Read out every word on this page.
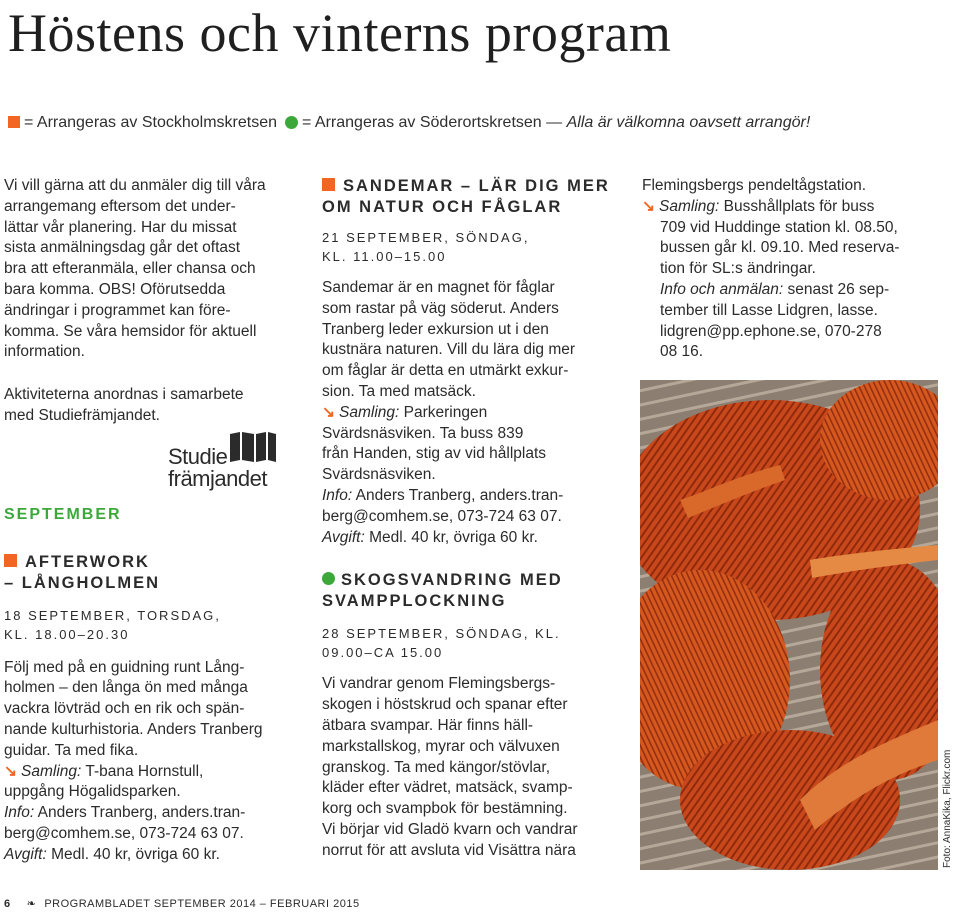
Höstens och vinterns program
= Arrangeras av Stockholmskretsen = Arrangeras av Söderortskretsen — Alla är välkomna oavsett arrangör!

Vi vill gärna att du anmäler dig till våra
arrangemang eftersom det under-
lättar vår planering. Har du missat
sista anmälningsdag går det oftast
bra att efteranmäla, eller chansa och
bara komma. OBS! Oförutsedda
ändringar i programmet kan före-
komma. Se våra hemsidor för aktuell
information.

Aktiviteterna anordnas i samarbete
med Studiefrämjandet.

SEPTEMBER

AFTERWORK
– LÅNGHOLMEN

18 SEPTEMBER, TORSDAG,
KL. 18.00–20.30

Följ med på en guidning runt Lång-
holmen – den långa ön med många
vackra lövträd och en rik och spän-
nande kulturhistoria. Anders Tranberg
guidar. Ta med fika.
↘ Samling: T-bana Hornstull,
uppgång Högalidsparken.
Info: Anders Tranberg, anders.tran-
berg@comhem.se, 073-724 63 07.
Avgift: Medl. 40 kr, övriga 60 kr.

Studie
främjandet

SANDEMAR – LÄR DIG MER
OM NATUR OCH FÅGLAR

21 SEPTEMBER, SÖNDAG,
KL. 11.00–15.00

Sandemar är en magnet för fåglar
som rastar på väg söderut. Anders
Tranberg leder exkursion ut i den
kustnära naturen. Vill du lära dig mer
om fåglar är detta en utmärkt exkur-
sion. Ta med matsäck.
↘ Samling: Parkeringen
Svärdsnäsviken. Ta buss 839
från Handen, stig av vid hållplats
Svärdsnäsviken.
Info: Anders Tranberg, anders.tran-
berg@comhem.se, 073-724 63 07.
Avgift: Medl. 40 kr, övriga 60 kr.

SKOGSVANDRING MED
SVAMPPLOCKNING

28 SEPTEMBER, SÖNDAG, KL.
09.00–CA 15.00

Vi vandrar genom Flemingsbergs-
skogen i höstskrud och spanar efter
ätbara svampar. Här finns häll-
markstallskog, myrar och välvuxen
granskog. Ta med kängor/stövlar,
kläder efter vädret, matsäck, svamp-
korg och svampbok för bestämning.
Vi börjar vid Gladö kvarn och vandrar
norrut för att avsluta vid Visättra nära

Flemingsbergs pendeltågstation.
↘ Samling: Busshållplats för buss
709 vid Huddinge station kl. 08.50,
bussen går kl. 09.10. Med reserva-
tion för SL:s ändringar.
Info och anmälan: senast 26 sep-
tember till Lasse Lidgren, lasse.
lidgren@pp.ephone.se, 070-278
08 16.

Foto: AnnaKika, Flickr.com
6 ❧ PROGRAMBLADET SEPTEMBER 2014 – FEBRUARI 2015
